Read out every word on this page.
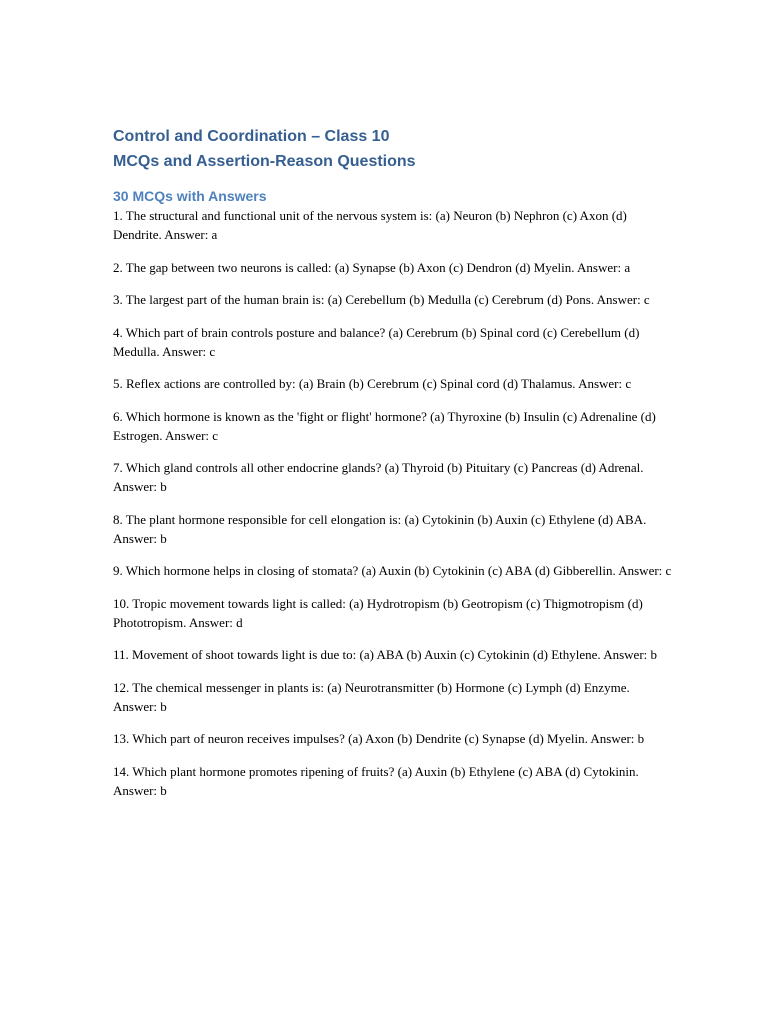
Control and Coordination – Class 10
MCQs and Assertion-Reason Questions
30 MCQs with Answers

1. The structural and functional unit of the nervous system is: (a) Neuron (b) Nephron (c) Axon (d) Dendrite. Answer: a

2. The gap between two neurons is called: (a) Synapse (b) Axon (c) Dendron (d) Myelin. Answer: a

3. The largest part of the human brain is: (a) Cerebellum (b) Medulla (c) Cerebrum (d) Pons. Answer: c

4. Which part of brain controls posture and balance? (a) Cerebrum (b) Spinal cord (c) Cerebellum (d) Medulla. Answer: c

5. Reflex actions are controlled by: (a) Brain (b) Cerebrum (c) Spinal cord (d) Thalamus. Answer: c

6. Which hormone is known as the 'fight or flight' hormone? (a) Thyroxine (b) Insulin (c) Adrenaline (d) Estrogen. Answer: c

7. Which gland controls all other endocrine glands? (a) Thyroid (b) Pituitary (c) Pancreas (d) Adrenal. Answer: b

8. The plant hormone responsible for cell elongation is: (a) Cytokinin (b) Auxin (c) Ethylene (d) ABA. Answer: b

9. Which hormone helps in closing of stomata? (a) Auxin (b) Cytokinin (c) ABA (d) Gibberellin. Answer: c

10. Tropic movement towards light is called: (a) Hydrotropism (b) Geotropism (c) Thigmotropism (d) Phototropism. Answer: d

11. Movement of shoot towards light is due to: (a) ABA (b) Auxin (c) Cytokinin (d) Ethylene. Answer: b

12. The chemical messenger in plants is: (a) Neurotransmitter (b) Hormone (c) Lymph (d) Enzyme. Answer: b

13. Which part of neuron receives impulses? (a) Axon (b) Dendrite (c) Synapse (d) Myelin. Answer: b

14. Which plant hormone promotes ripening of fruits? (a) Auxin (b) Ethylene (c) ABA (d) Cytokinin. Answer: b
